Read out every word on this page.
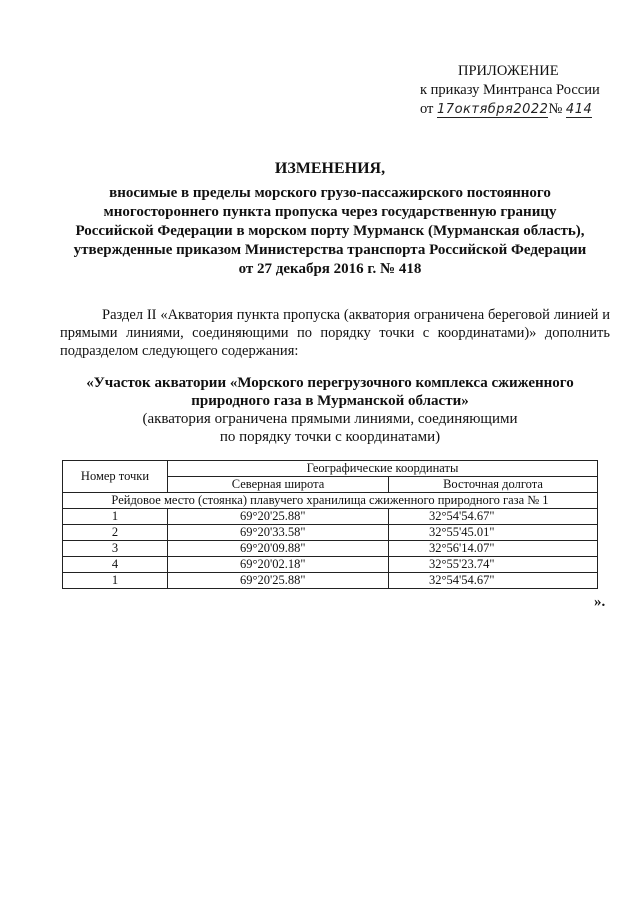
ПРИЛОЖЕНИЕ
к приказу Минтранса России
от 17октября2022№ 414
ИЗМЕНЕНИЯ,
вносимые в пределы морского грузо-пассажирского постоянного
многостороннего пункта пропуска через государственную границу
Российской Федерации в морском порту Мурманск (Мурманская область),
утвержденные приказом Министерства транспорта Российской Федерации
от 27 декабря 2016 г. № 418
Раздел II «Акватория пункта пропуска (акватория ограничена береговой линией и прямыми линиями, соединяющими по порядку точки с координатами)» дополнить подразделом следующего содержания:
«Участок акватории «Морского перегрузочного комплекса сжиженного
природного газа в Мурманской области»
(акватория ограничена прямыми линиями, соединяющими
по порядку точки с координатами)
Номер точки	Географические координаты	
	Северная широта	Восточная долгота
Рейдовое место (стоянка) плавучего хранилища сжиженного природного газа № 1		
1	69°20'25.88"	32°54'54.67"
2	69°20'33.58"	32°55'45.01"
3	69°20'09.88"	32°56'14.07"
4	69°20'02.18"	32°55'23.74"
1	69°20'25.88"	32°54'54.67"
».
